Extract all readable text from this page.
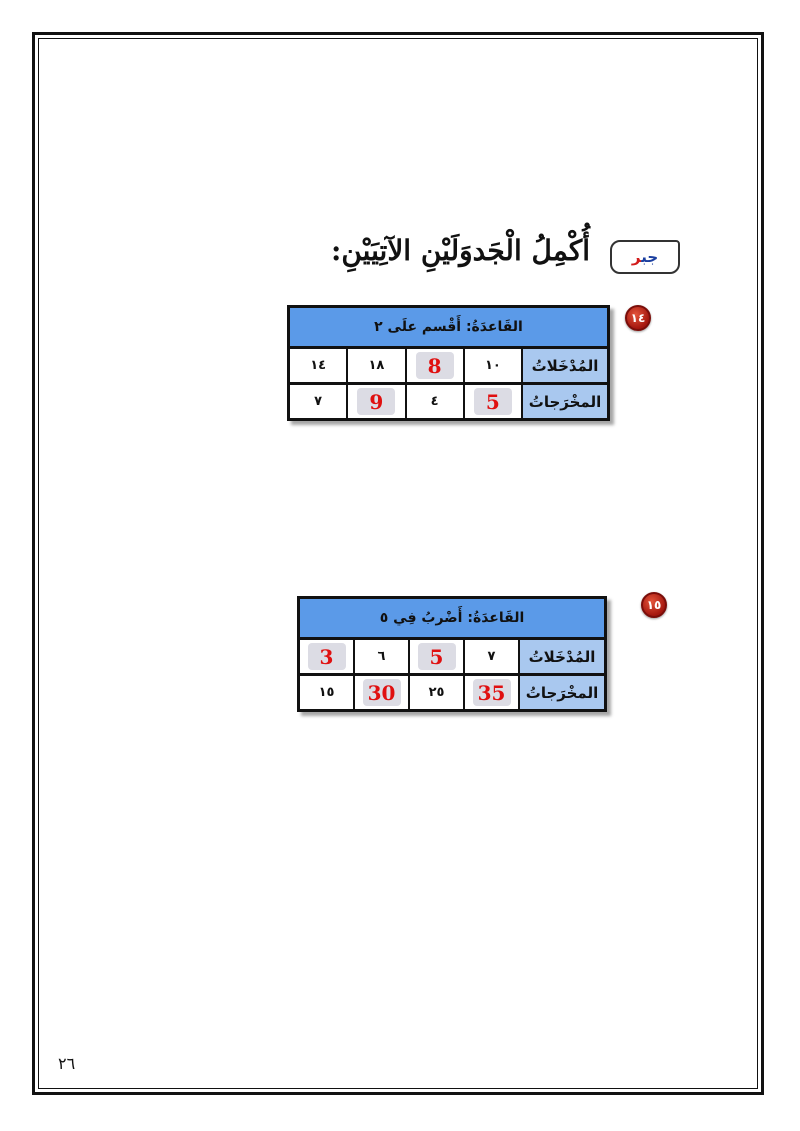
جبر
أُكْمِلُ الْجَدوَلَيْنِ الآتِيَيْنِ:
١٤
القَاعدَةُ: أَقْسم علَى ٢
المُدْخَلاتُ
١٠
8
١٨
١٤
المخْرَجاتُ
5
٤
9
٧
١٥
القَاعدَةُ: أَضْربُ فِي ٥
المُدْخَلاتُ
٧
5
٦
3
المخْرَجاتُ
35
٢٥
30
١٥
٢٦
